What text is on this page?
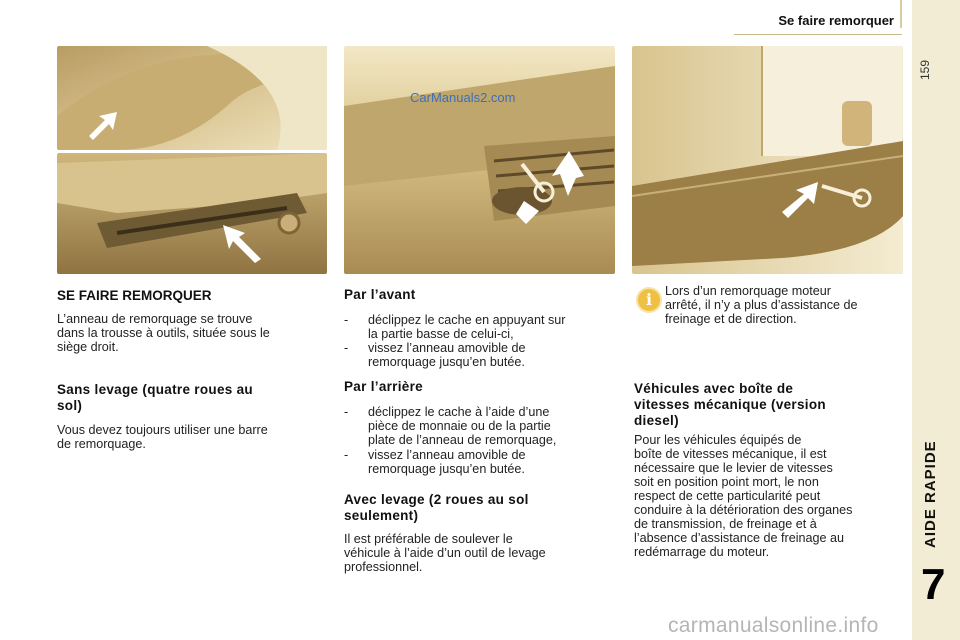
Se faire remorquer
159
AIDE RAPIDE
7
CarManuals2.com
SE FAIRE REMORQUER

L’anneau de remorquage se trouve

dans la trousse à outils, située sous le

siège droit.

Sans levage (quatre roues au
sol)

Vous devez toujours utiliser une barre

de remorquage.

Par l’avant
-	déclippez le cache en appuyant sur
la partie basse de celui-ci,
-	vissez l’anneau amovible de
remorquage jusqu’en butée.
Par l’arrière
-	déclippez le cache à l’aide d’une
pièce de monnaie ou de la partie
plate de l’anneau de remorquage,
-	vissez l’anneau amovible de
remorquage jusqu’en butée.
Avec levage (2 roues au sol
seulement)

Il est préférable de soulever le

véhicule à l’aide d’un outil de levage

professionnel.

i	Lors d’un remorquage moteur

arrêté, il n’y a plus d’assistance de

freinage et de direction.

Véhicules avec boîte de
vitesses mécanique (version
diesel)

Pour les véhicules équipés de

boîte de vitesses mécanique, il est

nécessaire que le levier de vitesses

soit en position point mort, le non

respect de cette particularité peut

conduire à la détérioration des organes

de transmission, de freinage et à

l’absence d’assistance de freinage au

redémarrage du moteur.

carmanualsonline.info
